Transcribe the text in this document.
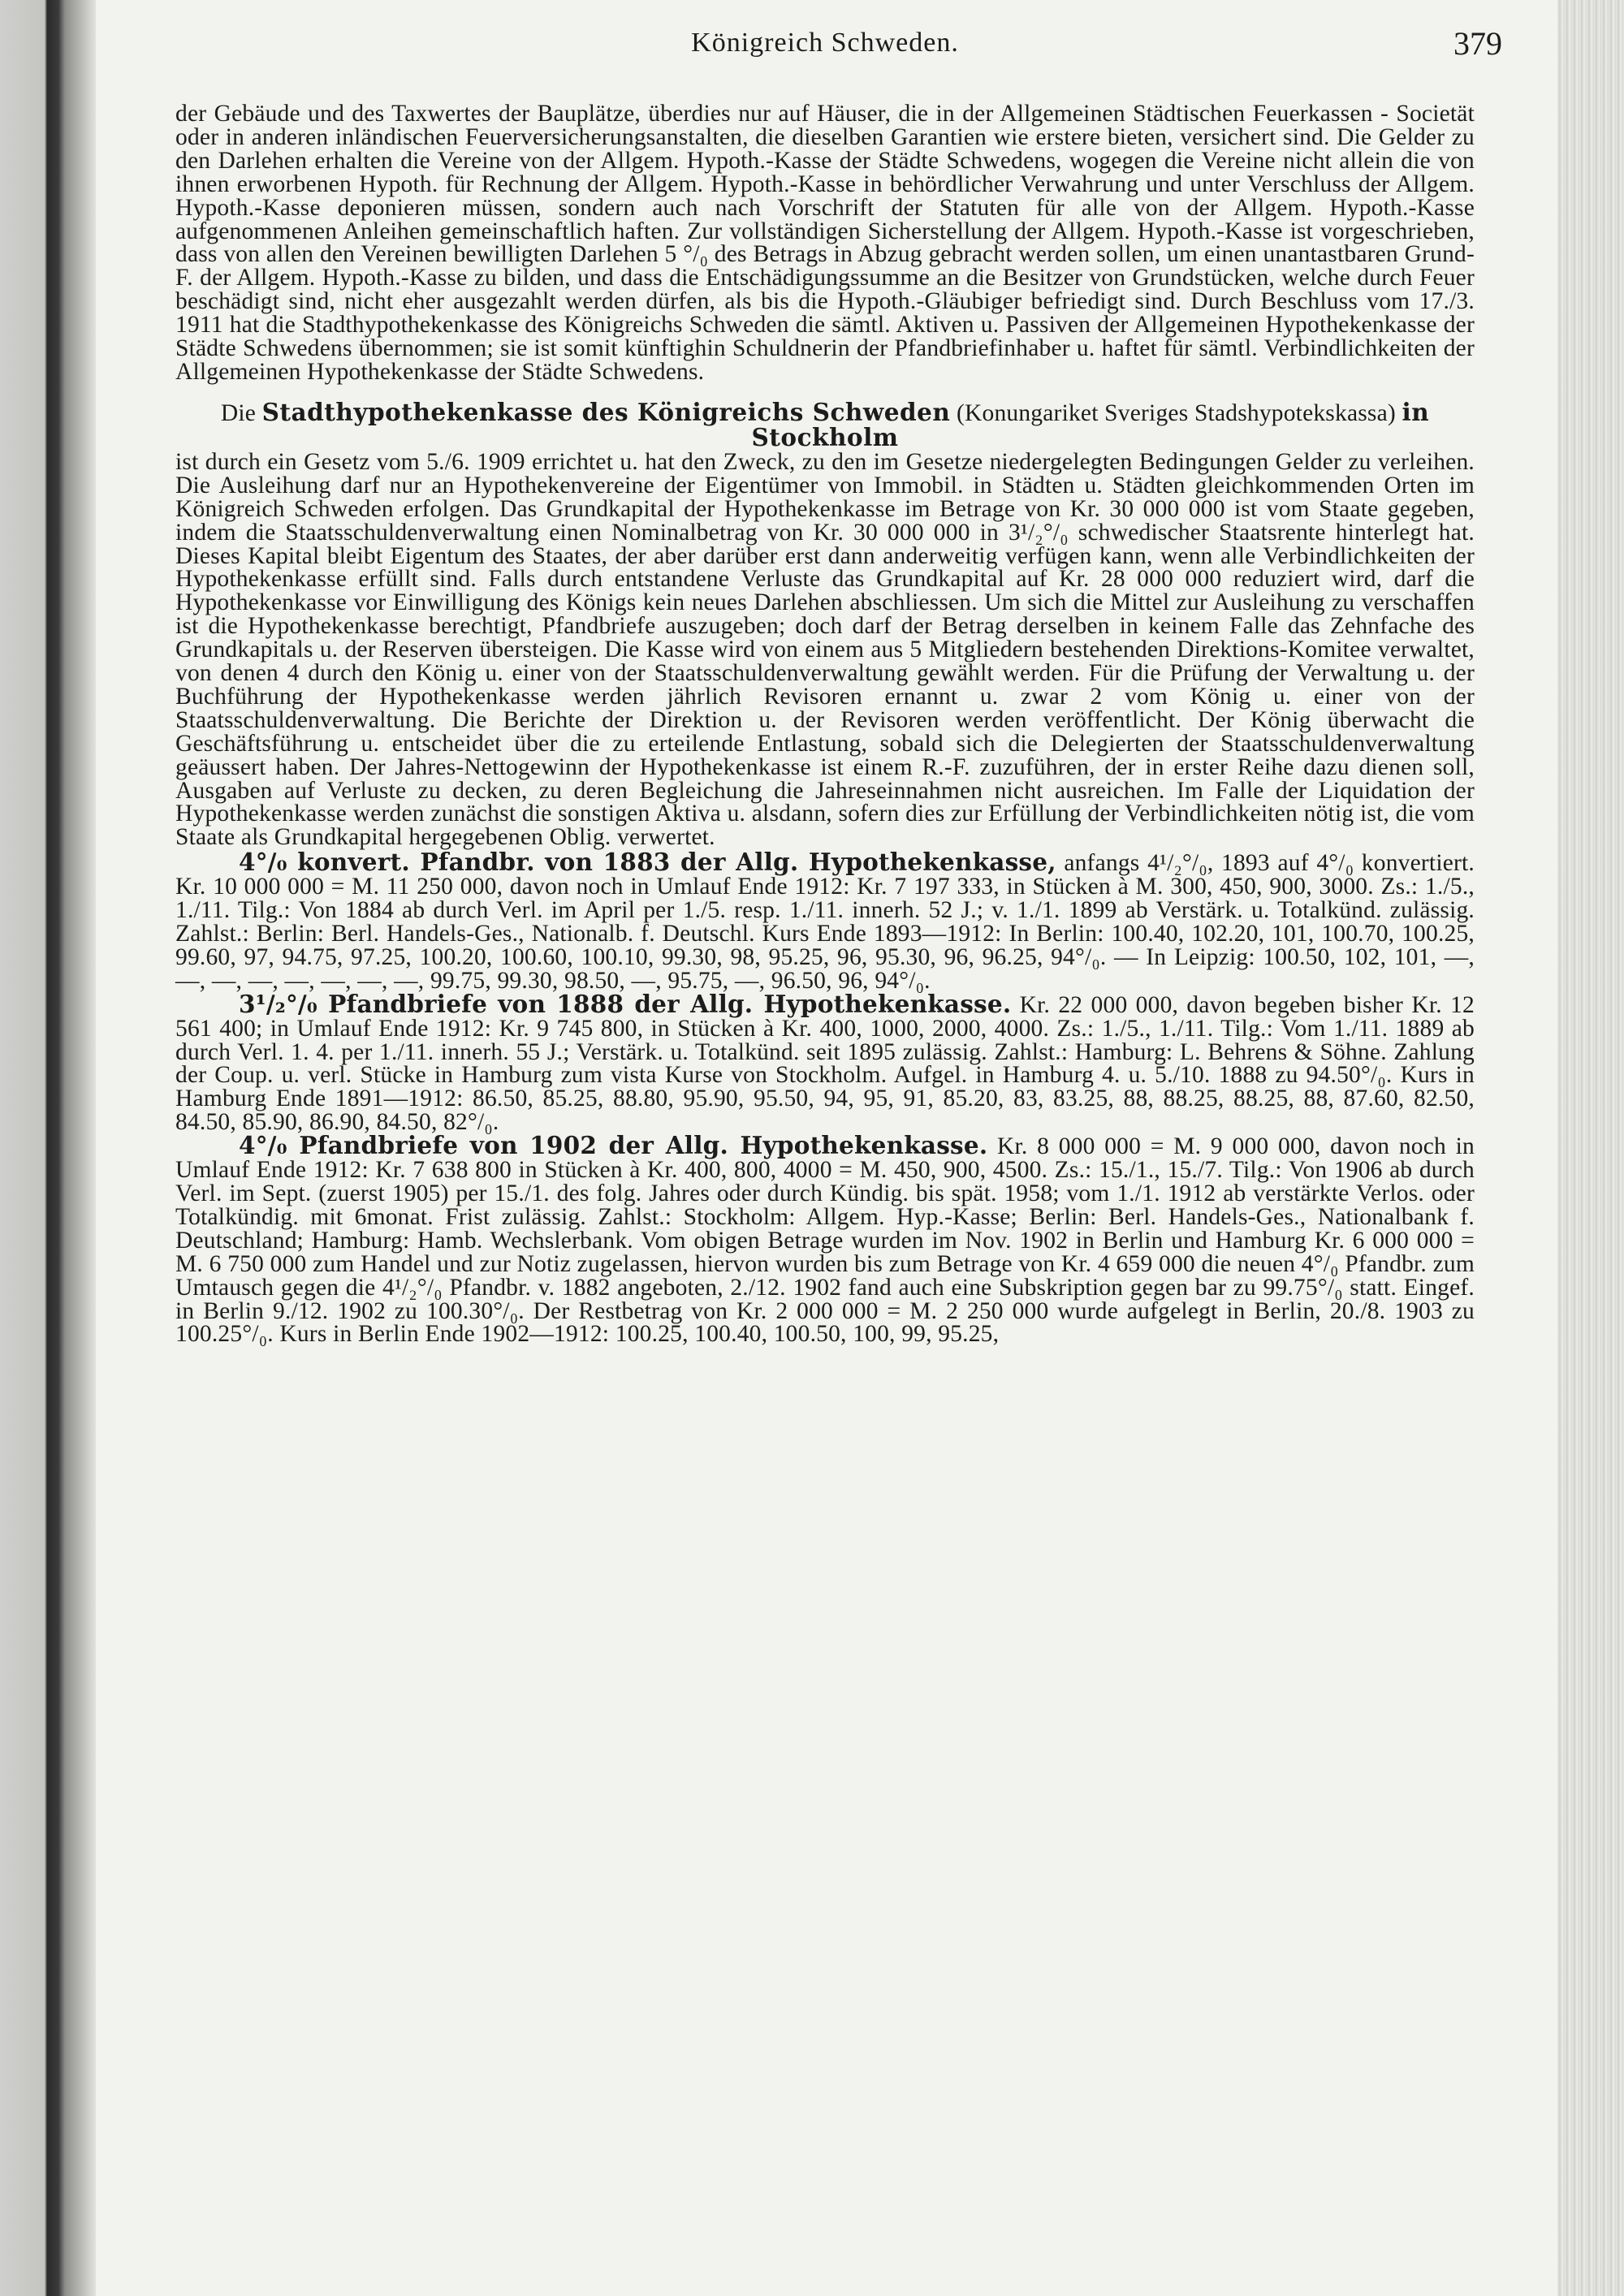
Königreich Schweden.	379

der Gebäude und des Taxwertes der Bauplätze, überdies nur auf Häuser, die in der Allgemeinen Städtischen Feuerkassen - Societät oder in anderen inländischen Feuerversicherungsanstalten, die dieselben Garantien wie erstere bieten, versichert sind. Die Gelder zu den Darlehen erhalten die Vereine von der Allgem. Hypoth.-Kasse der Städte Schwedens, wogegen die Vereine nicht allein die von ihnen erworbenen Hypoth. für Rechnung der Allgem. Hypoth.-Kasse in behördlicher Verwahrung und unter Verschluss der Allgem. Hypoth.-Kasse deponieren müssen, sondern auch nach Vorschrift der Statuten für alle von der Allgem. Hypoth.-Kasse aufgenommenen Anleihen gemeinschaftlich haften. Zur vollständigen Sicherstellung der Allgem. Hypoth.-Kasse ist vorgeschrieben, dass von allen den Vereinen bewilligten Darlehen 5 °/₀ des Betrags in Abzug gebracht werden sollen, um einen unantastbaren Grund-F. der Allgem. Hypoth.-Kasse zu bilden, und dass die Entschädigungssumme an die Besitzer von Grundstücken, welche durch Feuer beschädigt sind, nicht eher ausgezahlt werden dürfen, als bis die Hypoth.-Gläubiger befriedigt sind. Durch Beschluss vom 17./3. 1911 hat die Stadthypothekenkasse des Königreichs Schweden die sämtl. Aktiven u. Passiven der Allgemeinen Hypothekenkasse der Städte Schwedens übernommen; sie ist somit künftighin Schuldnerin der Pfandbriefinhaber u. haftet für sämtl. Verbindlichkeiten der Allgemeinen Hypothekenkasse der Städte Schwedens.

Die Stadthypothekenkasse des Königreichs Schweden (Konungariket Sveriges Stadshypotekskassa) in Stockholm

ist durch ein Gesetz vom 5./6. 1909 errichtet u. hat den Zweck, zu den im Gesetze niedergelegten Bedingungen Gelder zu verleihen. Die Ausleihung darf nur an Hypothekenvereine der Eigentümer von Immobil. in Städten u. Städten gleichkommenden Orten im Königreich Schweden erfolgen. Das Grundkapital der Hypothekenkasse im Betrage von Kr. 30 000 000 ist vom Staate gegeben, indem die Staatsschuldenverwaltung einen Nominalbetrag von Kr. 30 000 000 in 3¹/₂°/₀ schwedischer Staatsrente hinterlegt hat. Dieses Kapital bleibt Eigentum des Staates, der aber darüber erst dann anderweitig verfügen kann, wenn alle Verbindlichkeiten der Hypothekenkasse erfüllt sind. Falls durch entstandene Verluste das Grundkapital auf Kr. 28 000 000 reduziert wird, darf die Hypothekenkasse vor Einwilligung des Königs kein neues Darlehen abschliessen. Um sich die Mittel zur Ausleihung zu verschaffen ist die Hypothekenkasse berechtigt, Pfandbriefe auszugeben; doch darf der Betrag derselben in keinem Falle das Zehnfache des Grundkapitals u. der Reserven übersteigen. Die Kasse wird von einem aus 5 Mitgliedern bestehenden Direktions-Komitee verwaltet, von denen 4 durch den König u. einer von der Staatsschuldenverwaltung gewählt werden. Für die Prüfung der Verwaltung u. der Buchführung der Hypothekenkasse werden jährlich Revisoren ernannt u. zwar 2 vom König u. einer von der Staatsschuldenverwaltung. Die Berichte der Direktion u. der Revisoren werden veröffentlicht. Der König überwacht die Geschäftsführung u. entscheidet über die zu erteilende Entlastung, sobald sich die Delegierten der Staatsschuldenverwaltung geäussert haben. Der Jahres-Nettogewinn der Hypothekenkasse ist einem R.-F. zuzuführen, der in erster Reihe dazu dienen soll, Ausgaben auf Verluste zu decken, zu deren Begleichung die Jahreseinnahmen nicht ausreichen. Im Falle der Liquidation der Hypothekenkasse werden zunächst die sonstigen Aktiva u. alsdann, sofern dies zur Erfüllung der Verbindlichkeiten nötig ist, die vom Staate als Grundkapital hergegebenen Oblig. verwertet.

4°/₀ konvert. Pfandbr. von 1883 der Allg. Hypothekenkasse, anfangs 4¹/₂°/₀, 1893 auf 4°/₀ konvertiert. Kr. 10 000 000 = M. 11 250 000, davon noch in Umlauf Ende 1912: Kr. 7 197 333, in Stücken à M. 300, 450, 900, 3000. Zs.: 1./5., 1./11. Tilg.: Von 1884 ab durch Verl. im April per 1./5. resp. 1./11. innerh. 52 J.; v. 1./1. 1899 ab Verstärk. u. Totalkünd. zulässig. Zahlst.: Berlin: Berl. Handels-Ges., Nationalb. f. Deutschl. Kurs Ende 1893—1912: In Berlin: 100.40, 102.20, 101, 100.70, 100.25, 99.60, 97, 94.75, 97.25, 100.20, 100.60, 100.10, 99.30, 98, 95.25, 96, 95.30, 96, 96.25, 94°/₀. — In Leipzig: 100.50, 102, 101, —, —, —, —, —, —, —, —, 99.75, 99.30, 98.50, —, 95.75, —, 96.50, 96, 94°/₀.

3¹/₂°/₀ Pfandbriefe von 1888 der Allg. Hypothekenkasse. Kr. 22 000 000, davon begeben bisher Kr. 12 561 400; in Umlauf Ende 1912: Kr. 9 745 800, in Stücken à Kr. 400, 1000, 2000, 4000. Zs.: 1./5., 1./11. Tilg.: Vom 1./11. 1889 ab durch Verl. 1. 4. per 1./11. innerh. 55 J.; Verstärk. u. Totalkünd. seit 1895 zulässig. Zahlst.: Hamburg: L. Behrens & Söhne. Zahlung der Coup. u. verl. Stücke in Hamburg zum vista Kurse von Stockholm. Aufgel. in Hamburg 4. u. 5./10. 1888 zu 94.50°/₀. Kurs in Hamburg Ende 1891—1912: 86.50, 85.25, 88.80, 95.90, 95.50, 94, 95, 91, 85.20, 83, 83.25, 88, 88.25, 88.25, 88, 87.60, 82.50, 84.50, 85.90, 86.90, 84.50, 82°/₀.

4°/₀ Pfandbriefe von 1902 der Allg. Hypothekenkasse. Kr. 8 000 000 = M. 9 000 000, davon noch in Umlauf Ende 1912: Kr. 7 638 800 in Stücken à Kr. 400, 800, 4000 = M. 450, 900, 4500. Zs.: 15./1., 15./7. Tilg.: Von 1906 ab durch Verl. im Sept. (zuerst 1905) per 15./1. des folg. Jahres oder durch Kündig. bis spät. 1958; vom 1./1. 1912 ab verstärkte Verlos. oder Totalkündig. mit 6monat. Frist zulässig. Zahlst.: Stockholm: Allgem. Hyp.-Kasse; Berlin: Berl. Handels-Ges., Nationalbank f. Deutschland; Hamburg: Hamb. Wechslerbank. Vom obigen Betrage wurden im Nov. 1902 in Berlin und Hamburg Kr. 6 000 000 = M. 6 750 000 zum Handel und zur Notiz zugelassen, hiervon wurden bis zum Betrage von Kr. 4 659 000 die neuen 4°/₀ Pfandbr. zum Umtausch gegen die 4¹/₂°/₀ Pfandbr. v. 1882 angeboten, 2./12. 1902 fand auch eine Subskription gegen bar zu 99.75°/₀ statt. Eingef. in Berlin 9./12. 1902 zu 100.30°/₀. Der Restbetrag von Kr. 2 000 000 = M. 2 250 000 wurde aufgelegt in Berlin, 20./8. 1903 zu 100.25°/₀. Kurs in Berlin Ende 1902—1912: 100.25, 100.40, 100.50, 100, 99, 95.25,
